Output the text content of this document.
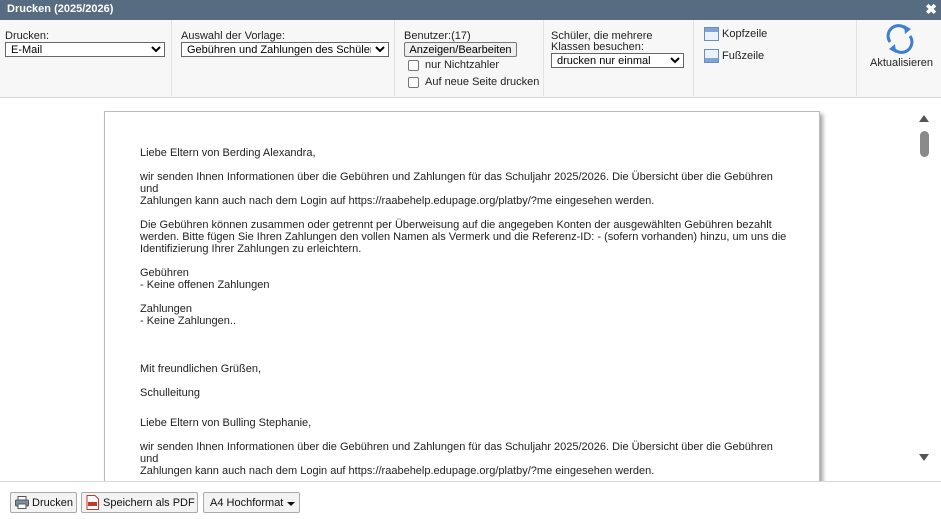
Drucken (2025/2026)	✖
Drucken:
E-Mail	Auswahl der Vorlage:
Gebühren und Zahlungen des Schülers	Benutzer:(17)
Anzeigen/Bearbeiten
nur Nichtzahler
Auf neue Seite drucken
Schüler, die mehrere
Klassen besuchen:
drucken nur einmal
Kopfzeile
Fußzeile
Aktualisieren

Liebe Eltern von Berding Alexandra,

wir senden Ihnen Informationen über die Gebühren und Zahlungen für das Schuljahr 2025/2026. Die Übersicht über die Gebühren und

Zahlungen kann auch nach dem Login auf https://raabehelp.edupage.org/platby/?me eingesehen werden.

Die Gebühren können zusammen oder getrennt per Überweisung auf die angegeben Konten der ausgewählten Gebühren bezahlt

werden. Bitte fügen Sie Ihren Zahlungen den vollen Namen als Vermerk und die Referenz-ID: - (sofern vorhanden) hinzu, um uns die

Identifizierung Ihrer Zahlungen zu erleichtern.

Gebühren

- Keine offenen Zahlungen

Zahlungen

- Keine Zahlungen..

Mit freundlichen Grüßen,

Schulleitung

Liebe Eltern von Bulling Stephanie,

wir senden Ihnen Informationen über die Gebühren und Zahlungen für das Schuljahr 2025/2026. Die Übersicht über die Gebühren und

Zahlungen kann auch nach dem Login auf https://raabehelp.edupage.org/platby/?me eingesehen werden.

Drucken	Speichern als PDF A4 Hochformat
